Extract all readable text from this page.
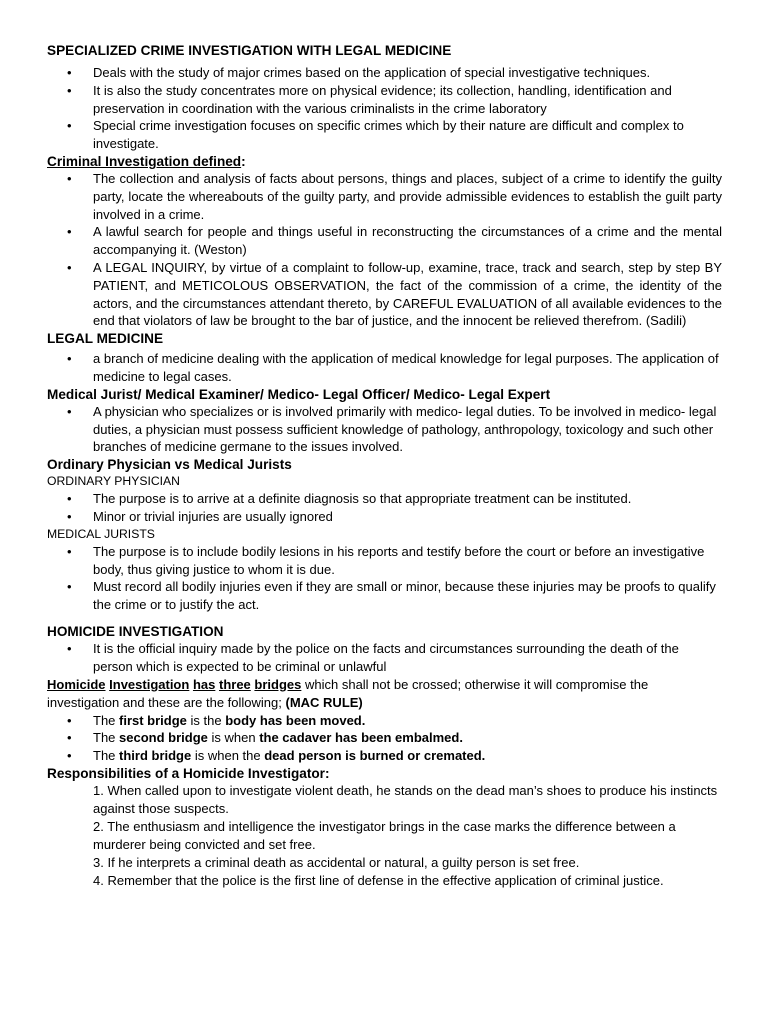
SPECIALIZED CRIME INVESTIGATION WITH LEGAL MEDICINE

• Deals with the study of major crimes based on the application of special investigative techniques.
• It is also the study concentrates more on physical evidence; its collection, handling, identification and preservation in coordination with the various criminalists in the crime laboratory
• Special crime investigation focuses on specific crimes which by their nature are difficult and complex to investigate.

Criminal Investigation defined:

• The collection and analysis of facts about persons, things and places, subject of a crime to identify the guilty party, locate the whereabouts of the guilty party, and provide admissible evidences to establish the guilt party involved in a crime.
• A lawful search for people and things useful in reconstructing the circumstances of a crime and the mental accompanying it. (Weston)
• A LEGAL INQUIRY, by virtue of a complaint to follow-up, examine, trace, track and search, step by step BY PATIENT, and METICOLOUS OBSERVATION, the fact of the commission of a crime, the identity of the actors, and the circumstances attendant thereto, by CAREFUL EVALUATION of all available evidences to the end that violators of law be brought to the bar of justice, and the innocent be relieved therefrom. (Sadili)

LEGAL MEDICINE

• a branch of medicine dealing with the application of medical knowledge for legal purposes. The application of medicine to legal cases.

Medical Jurist/ Medical Examiner/ Medico- Legal Officer/ Medico- Legal Expert

• A physician who specializes or is involved primarily with medico- legal duties. To be involved in medico- legal duties, a physician must possess sufficient knowledge of pathology, anthropology, toxicology and such other branches of medicine germane to the issues involved.

Ordinary Physician vs Medical Jurists

ORDINARY PHYSICIAN

• The purpose is to arrive at a definite diagnosis so that appropriate treatment can be instituted.
• Minor or trivial injuries are usually ignored

MEDICAL JURISTS

• The purpose is to include bodily lesions in his reports and testify before the court or before an investigative body, thus giving justice to whom it is due.
• Must record all bodily injuries even if they are small or minor, because these injuries may be proofs to qualify the crime or to justify the act.

HOMICIDE INVESTIGATION

• It is the official inquiry made by the police on the facts and circumstances surrounding the death of the person which is expected to be criminal or unlawful

Homicide Investigation has three bridges which shall not be crossed; otherwise it will compromise the investigation and these are the following; (MAC RULE)

• The first bridge is the body has been moved.
• The second bridge is when the cadaver has been embalmed.
• The third bridge is when the dead person is burned or cremated.

Responsibilities of a Homicide Investigator:

1. When called upon to investigate violent death, he stands on the dead man’s shoes to produce his instincts against those suspects.

2. The enthusiasm and intelligence the investigator brings in the case marks the difference between a murderer being convicted and set free.

3. If he interprets a criminal death as accidental or natural, a guilty person is set free.

4. Remember that the police is the first line of defense in the effective application of criminal justice.
